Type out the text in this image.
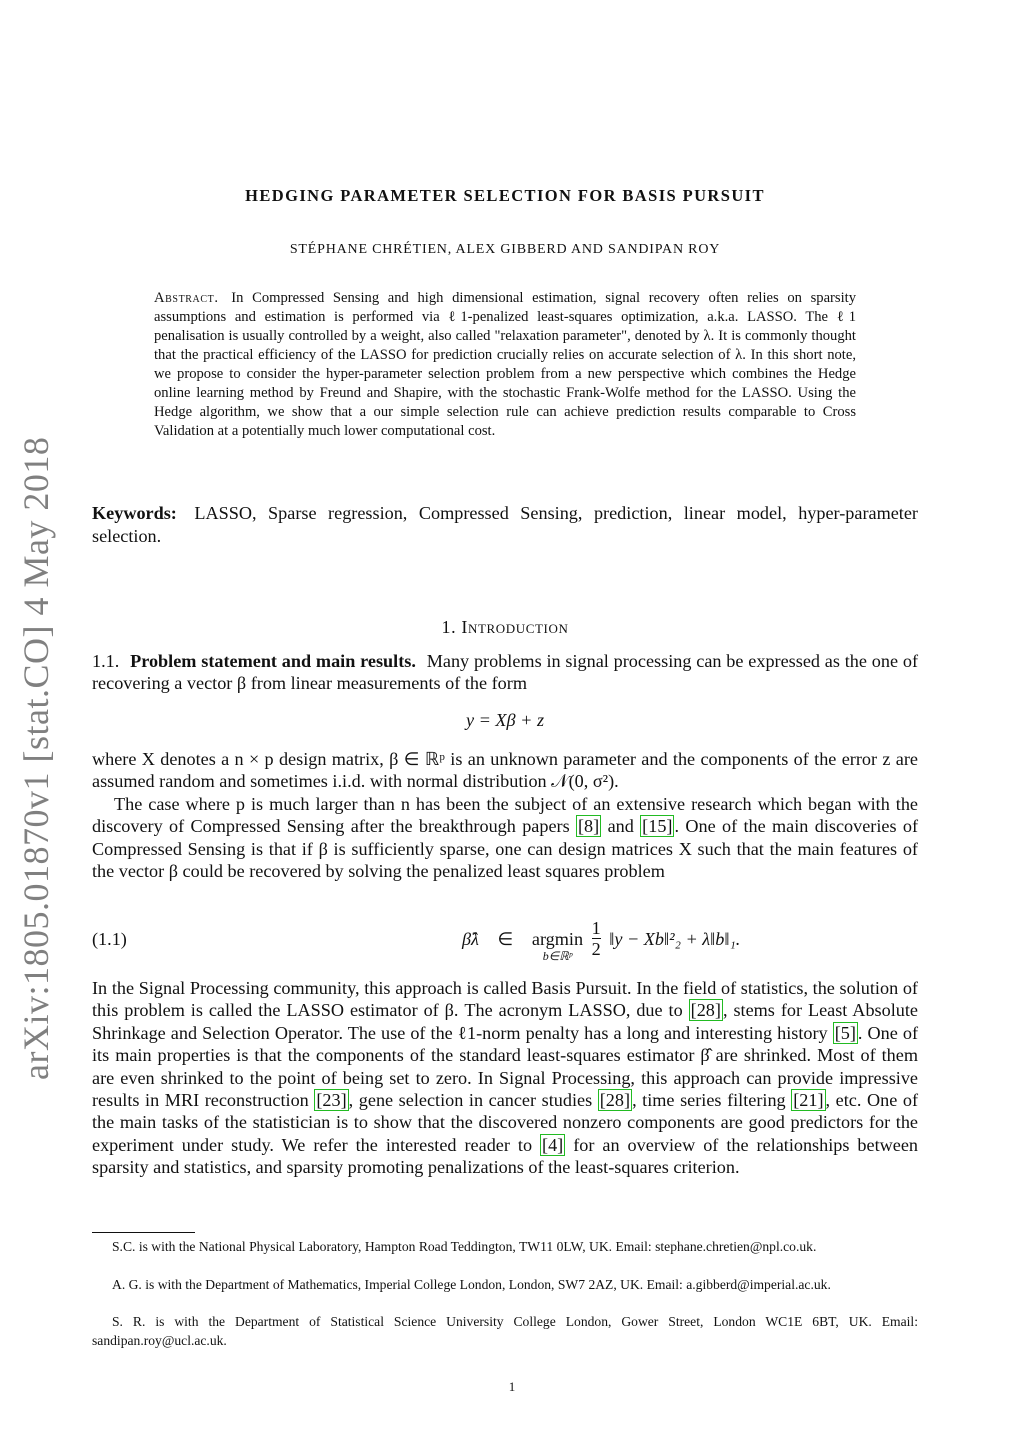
arXiv:1805.01870v1 [stat.CO] 4 May 2018
HEDGING PARAMETER SELECTION FOR BASIS PURSUIT
STÉPHANE CHRÉTIEN, ALEX GIBBERD AND SANDIPAN ROY
Abstract. In Compressed Sensing and high dimensional estimation, signal recovery often relies on sparsity assumptions and estimation is performed via ℓ1-penalized least-squares optimization, a.k.a. LASSO. The ℓ1 penalisation is usually controlled by a weight, also called "relaxation parameter", denoted by λ. It is commonly thought that the practical efficiency of the LASSO for prediction crucially relies on accurate selection of λ. In this short note, we propose to consider the hyper-parameter selection problem from a new perspective which combines the Hedge online learning method by Freund and Shapire, with the stochastic Frank-Wolfe method for the LASSO. Using the Hedge algorithm, we show that a our simple selection rule can achieve prediction results comparable to Cross Validation at a potentially much lower computational cost.
Keywords: LASSO, Sparse regression, Compressed Sensing, prediction, linear model, hyper-parameter selection.
1. Introduction
1.1. Problem statement and main results. Many problems in signal processing can be expressed as the one of recovering a vector β from linear measurements of the form
y = Xβ + z
where X denotes a n × p design matrix, β ∈ ℝᵖ is an unknown parameter and the components of the error z are assumed random and sometimes i.i.d. with normal distribution 𝒩(0, σ²).
The case where p is much larger than n has been the subject of an extensive research which began with the discovery of Compressed Sensing after the breakthrough papers [8] and [15] . One of the main discoveries of Compressed Sensing is that if β is sufficiently sparse, one can design matrices X such that the main features of the vector β could be recovered by solving the penalized least squares problem
(1.1)	β̂λ ∈ argmin
b∈ℝᵖ
	$\frac{1}{2}$ ‖y − Xb‖²₂ + λ‖b‖₁.
In the Signal Processing community, this approach is called Basis Pursuit. In the field of statistics, the solution of this problem is called the LASSO estimator of β. The acronym LASSO, due to [28] , stems for Least Absolute Shrinkage and Selection Operator. The use of the ℓ1-norm penalty has a long and interesting history [5] . One of its main properties is that the components of the standard least-squares estimator β̂ are shrinked. Most of them are even shrinked to the point of being set to zero. In Signal Processing, this approach can provide impressive results in MRI reconstruction [23] , gene selection in cancer studies [28] , time series filtering [21] , etc. One of the main tasks of the statistician is to show that the discovered nonzero components are good predictors for the experiment under study. We refer the interested reader to [4] for an overview of the relationships between sparsity and statistics, and sparsity promoting penalizations of the least-squares criterion.
S.C. is with the National Physical Laboratory, Hampton Road Teddington, TW11 0LW, UK. Email: stephane.chretien@npl.co.uk.
A. G. is with the Department of Mathematics, Imperial College London, London, SW7 2AZ, UK. Email: a.gibberd@imperial.ac.uk.
S. R. is with the Department of Statistical Science University College London, Gower Street, London WC1E 6BT, UK. Email: sandipan.roy@ucl.ac.uk.
1
